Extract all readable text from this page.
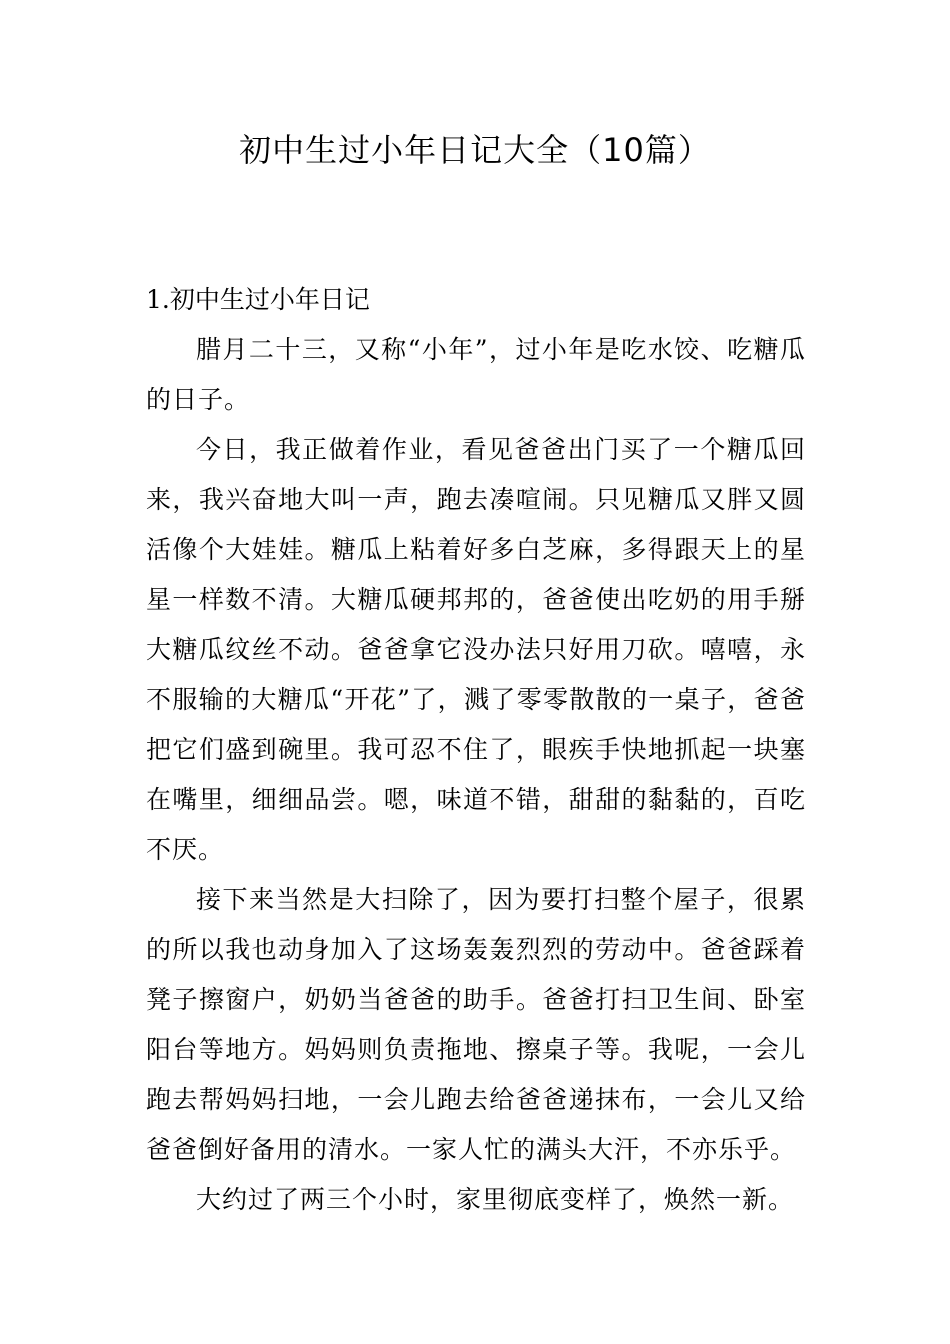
初中生过小年日记大全（10篇）
1.初中生过小年日记

腊月二十三，又称“小年”，过小年是吃水饺、吃糖瓜的日子。

今日，我正做着作业，看见爸爸出门买了一个糖瓜回来，我兴奋地大叫一声，跑去凑喧闹。只见糖瓜又胖又圆活像个大娃娃。糖瓜上粘着好多白芝麻，多得跟天上的星星一样数不清。大糖瓜硬邦邦的，爸爸使出吃奶的用手掰大糖瓜纹丝不动。爸爸拿它没办法只好用刀砍。嘻嘻，永不服输的大糖瓜“开花”了，溅了零零散散的一桌子，爸爸把它们盛到碗里。我可忍不住了，眼疾手快地抓起一块塞在嘴里，细细品尝。嗯，味道不错，甜甜的黏黏的，百吃不厌。

接下来当然是大扫除了，因为要打扫整个屋子，很累的所以我也动身加入了这场轰轰烈烈的劳动中。爸爸踩着凳子擦窗户，奶奶当爸爸的助手。爸爸打扫卫生间、卧室阳台等地方。妈妈则负责拖地、擦桌子等。我呢，一会儿跑去帮妈妈扫地，一会儿跑去给爸爸递抹布，一会儿又给爸爸倒好备用的清水。一家人忙的满头大汗，不亦乐乎。

大约过了两三个小时，家里彻底变样了，焕然一新。
